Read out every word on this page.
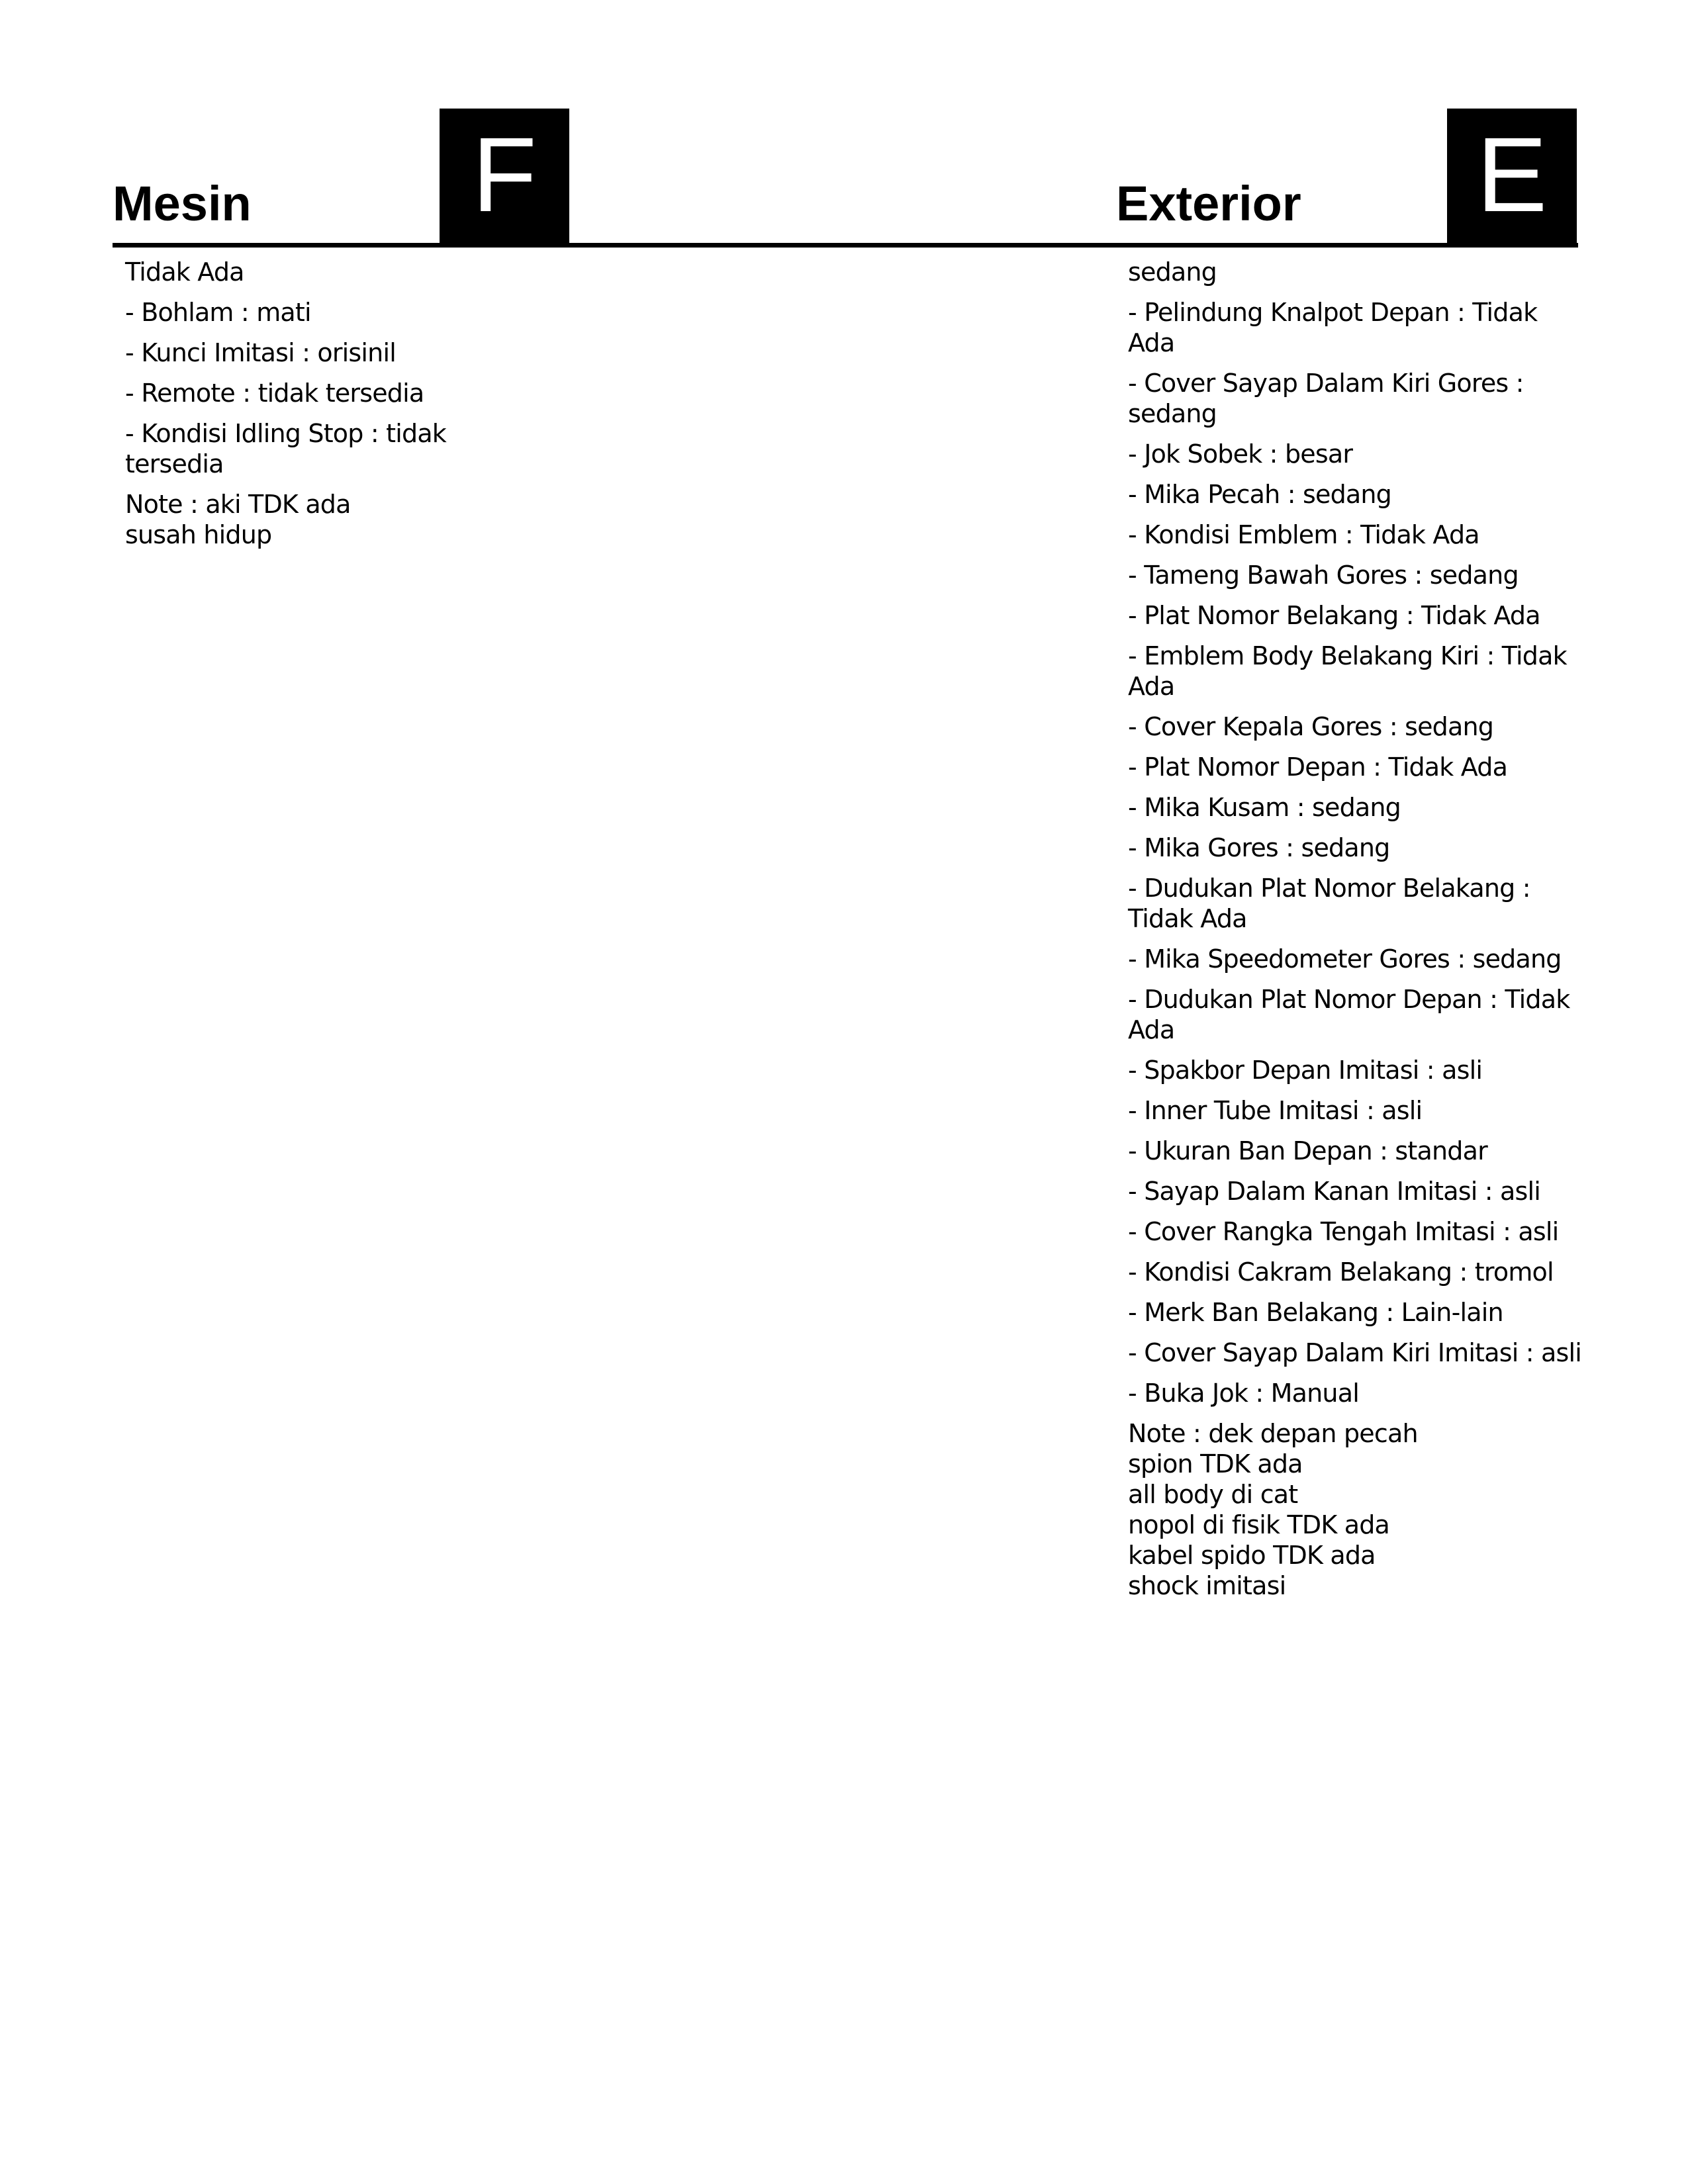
Mesin	F
Tidak Ada
- Bohlam : mati
- Kunci Imitasi : orisinil
- Remote : tidak tersedia
- Kondisi Idling Stop : tidak tersedia
Note : aki TDK ada
susah hidup
Exterior E
sedang
- Pelindung Knalpot Depan : Tidak Ada
- Cover Sayap Dalam Kiri Gores : sedang
- Jok Sobek : besar
- Mika Pecah : sedang
- Kondisi Emblem : Tidak Ada
- Tameng Bawah Gores : sedang
- Plat Nomor Belakang : Tidak Ada
- Emblem Body Belakang Kiri : Tidak Ada
- Cover Kepala Gores : sedang
- Plat Nomor Depan : Tidak Ada
- Mika Kusam : sedang
- Mika Gores : sedang
- Dudukan Plat Nomor Belakang : Tidak Ada
- Mika Speedometer Gores : sedang
- Dudukan Plat Nomor Depan : Tidak Ada
- Spakbor Depan Imitasi : asli
- Inner Tube Imitasi : asli
- Ukuran Ban Depan : standar
- Sayap Dalam Kanan Imitasi : asli
- Cover Rangka Tengah Imitasi : asli
- Kondisi Cakram Belakang : tromol
- Merk Ban Belakang : Lain-lain
- Cover Sayap Dalam Kiri Imitasi : asli
- Buka Jok : Manual
Note : dek depan pecah
spion TDK ada
all body di cat
nopol di fisik TDK ada
kabel spido TDK ada
shock imitasi
